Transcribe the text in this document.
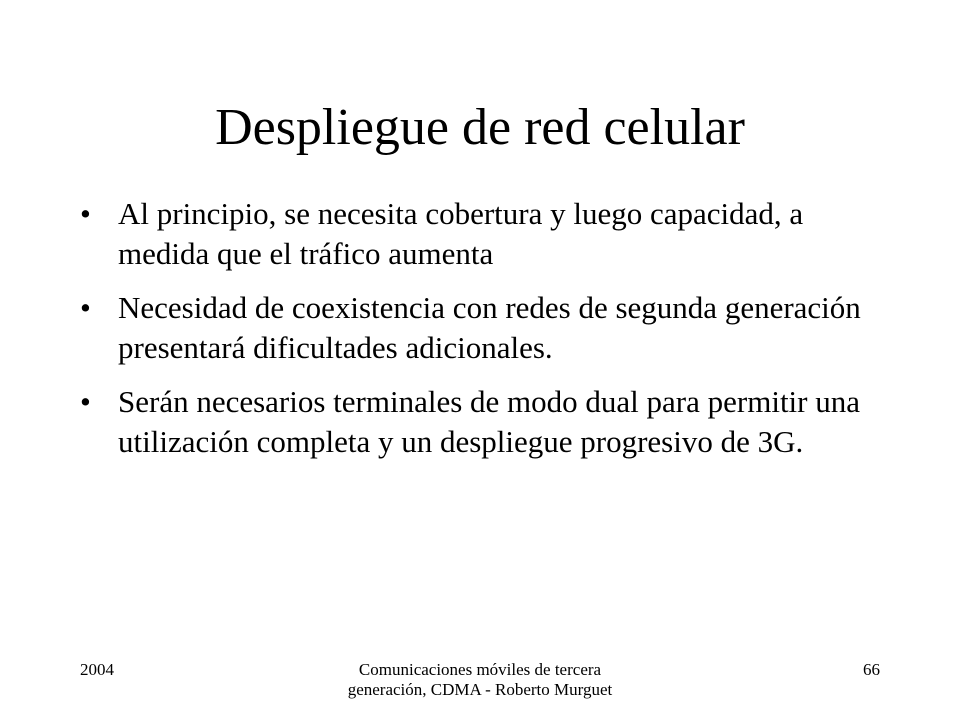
Despliegue de red celular
• Al principio, se necesita cobertura y luego capacidad, a medida que el tráfico aumenta
• Necesidad de coexistencia con redes de segunda generación presentará dificultades adicionales.
• Serán necesarios terminales de modo dual para permitir una utilización completa y un despliegue progresivo de 3G.
2004	Comunicaciones móviles de tercera generación, CDMA - Roberto Murguet
66
